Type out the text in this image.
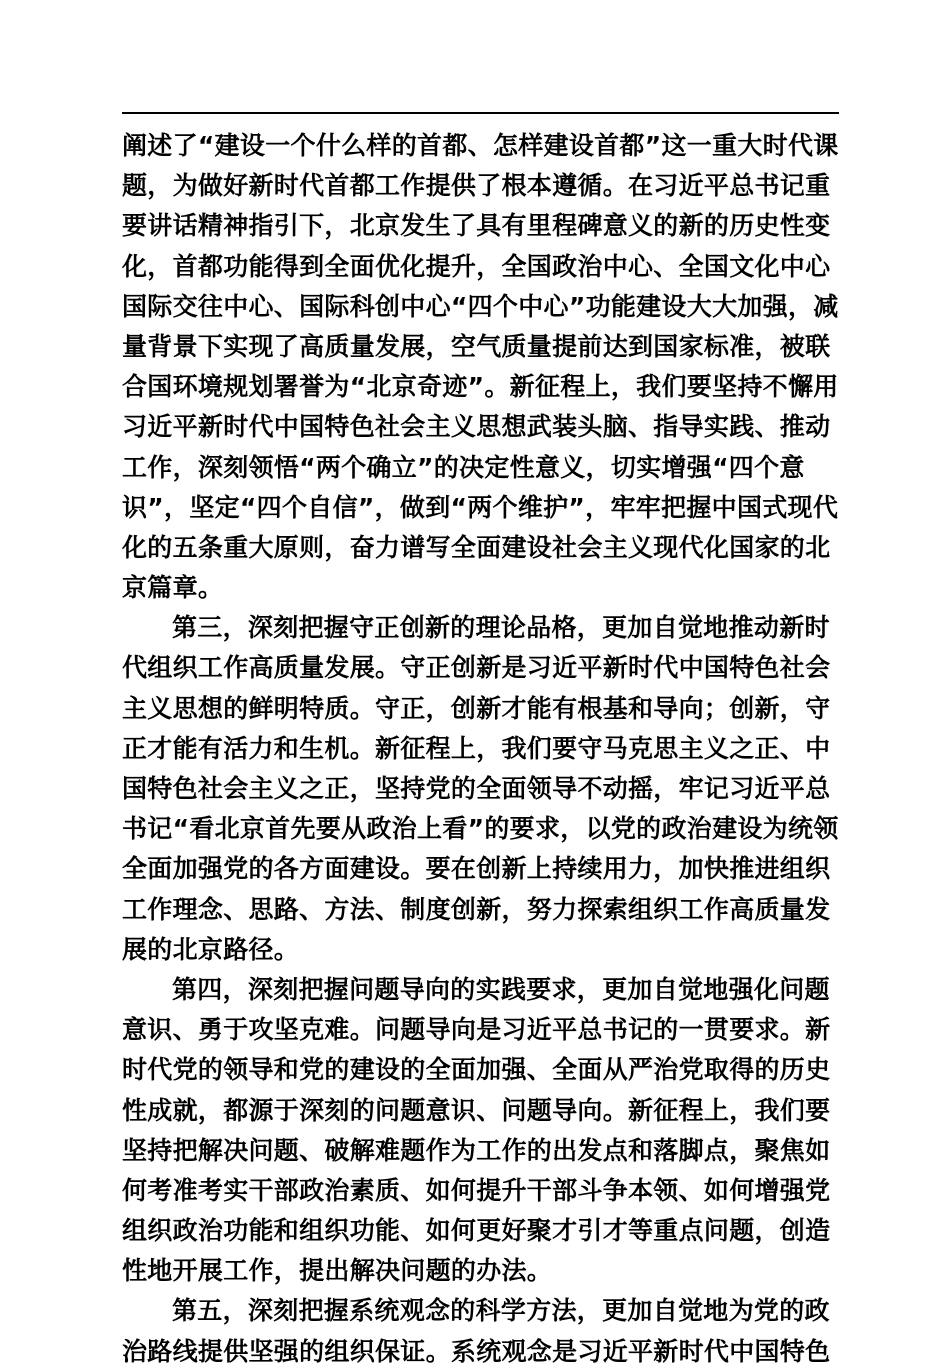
阐述了“建设一个什么样的首都、怎样建设首都”这一重大时代课
题，为做好新时代首都工作提供了根本遵循。在习近平总书记重
要讲话精神指引下，北京发生了具有里程碑意义的新的历史性变
化，首都功能得到全面优化提升，全国政治中心、全国文化中心
国际交往中心、国际科创中心“四个中心”功能建设大大加强，减
量背景下实现了高质量发展，空气质量提前达到国家标准，被联
合国环境规划署誉为“北京奇迹”。新征程上，我们要坚持不懈用
习近平新时代中国特色社会主义思想武装头脑、指导实践、推动
工作，深刻领悟“两个确立”的决定性意义，切实增强“四个意
识”，坚定“四个自信”，做到“两个维护”，牢牢把握中国式现代
化的五条重大原则，奋力谱写全面建设社会主义现代化国家的北
京篇章。
第三，深刻把握守正创新的理论品格，更加自觉地推动新时
代组织工作高质量发展。守正创新是习近平新时代中国特色社会
主义思想的鲜明特质。守正，创新才能有根基和导向；创新，守
正才能有活力和生机。新征程上，我们要守马克思主义之正、中
国特色社会主义之正，坚持党的全面领导不动摇，牢记习近平总
书记“看北京首先要从政治上看”的要求，以党的政治建设为统领
全面加强党的各方面建设。要在创新上持续用力，加快推进组织
工作理念、思路、方法、制度创新，努力探索组织工作高质量发
展的北京路径。
第四，深刻把握问题导向的实践要求，更加自觉地强化问题
意识、勇于攻坚克难。问题导向是习近平总书记的一贯要求。新
时代党的领导和党的建设的全面加强、全面从严治党取得的历史
性成就，都源于深刻的问题意识、问题导向。新征程上，我们要
坚持把解决问题、破解难题作为工作的出发点和落脚点，聚焦如
何考准考实干部政治素质、如何提升干部斗争本领、如何增强党
组织政治功能和组织功能、如何更好聚才引才等重点问题，创造
性地开展工作，提出解决问题的办法。
第五，深刻把握系统观念的科学方法，更加自觉地为党的政
治路线提供坚强的组织保证。系统观念是习近平新时代中国特色
